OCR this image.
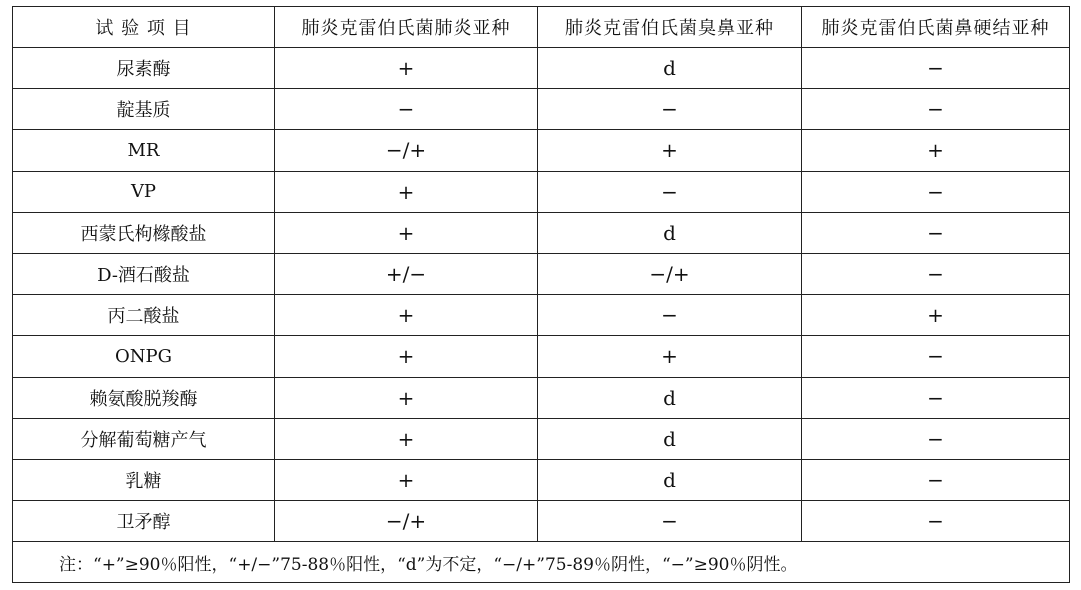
试 验 项 目	肺炎克雷伯氏菌肺炎亚种	肺炎克雷伯氏菌臭鼻亚种	肺炎克雷伯氏菌鼻硬结亚种
尿素酶	+	d	−
靛基质	−	−	−
MR	−/+	+	+
VP	+	−	−
西蒙氏枸橼酸盐	+	d	−
D-酒石酸盐	+/−	−/+	−
丙二酸盐	+	−	+
ONPG	+	+	−
赖氨酸脱羧酶	+	d	−
分解葡萄糖产气	+	d	−
乳糖	+	d	−
卫矛醇	−/+	−	−
注：“+”≥90％阳性，“+/−”75-88％阳性，“d”为不定，“−/+”75-89％阴性，“−”≥90％阴性。			
